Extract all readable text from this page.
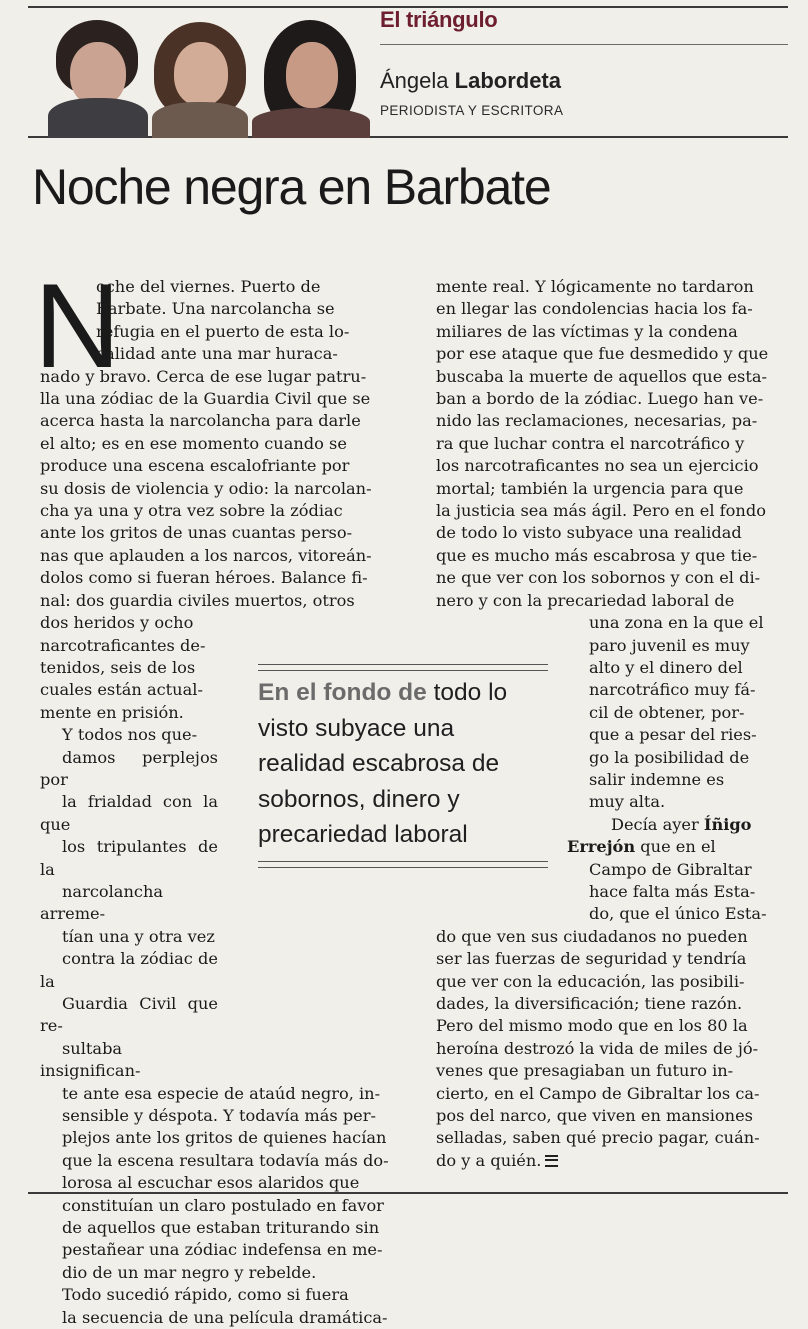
El triángulo
Ángela Labordeta
PERIODISTA Y ESCRITORA
Noche negra en Barbate
N

oche del viernes. Puerto de
Barbate. Una narcolancha se
refugia en el puerto de esta lo-
calidad ante una mar huraca-
nado y bravo. Cerca de ese lugar patru-
lla una zódiac de la Guardia Civil que se
acerca hasta la narcolancha para darle
el alto; es en ese momento cuando se
produce una escena escalofriante por
su dosis de violencia y odio: la narcolan-
cha ya una y otra vez sobre la zódiac
ante los gritos de unas cuantas perso-
nas que aplauden a los narcos, vitoreán-
dolos como si fueran héroes. Balance fi-
nal: dos guardia civiles muertos, otros
dos heridos y ocho
narcotraficantes de-
tenidos, seis de los
cuales están actual-
mente en prisión.

Y todos nos que-
damos perplejos por
la frialdad con la que
los tripulantes de la
narcolancha arreme-
tían una y otra vez
contra la zódiac de la
Guardia Civil que re-
sultaba insignifican-
te ante esa especie de ataúd negro, in-
sensible y déspota. Y todavía más per-
plejos ante los gritos de quienes hacían
que la escena resultara todavía más do-
lorosa al escuchar esos alaridos que
constituían un claro postulado en favor
de aquellos que estaban triturando sin
pestañear una zódiac indefensa en me-
dio de un mar negro y rebelde.

Todo sucedió rápido, como si fuera
la secuencia de una película dramática-

mente real. Y lógicamente no tardaron
en llegar las condolencias hacia los fa-
miliares de las víctimas y la condena
por ese ataque que fue desmedido y que
buscaba la muerte de aquellos que esta-
ban a bordo de la zódiac. Luego han ve-
nido las reclamaciones, necesarias, pa-
ra que luchar contra el narcotráfico y
los narcotraficantes no sea un ejercicio
mortal; también la urgencia para que
la justicia sea más ágil. Pero en el fondo
de todo lo visto subyace una realidad
que es mucho más escabrosa y que tie-
ne que ver con los sobornos y con el di-
nero y con la precariedad laboral de
una zona en la que el
paro juvenil es muy
alto y el dinero del
narcotráfico muy fá-
cil de obtener, por-
que a pesar del ries-
go la posibilidad de
salir indemne es
muy alta.

Decía ayer Íñigo
Errejón que en el

Campo de Gibraltar
hace falta más Esta-
do, que el único Esta-
do que ven sus ciudadanos no pueden
ser las fuerzas de seguridad y tendría
que ver con la educación, las posibili-
dades, la diversificación; tiene razón.
Pero del mismo modo que en los 80 la
heroína destrozó la vida de miles de jó-
venes que presagiaban un futuro in-
cierto, en el Campo de Gibraltar los ca-
pos del narco, que viven en mansiones
selladas, saben qué precio pagar, cuán-
do y a quién.

En el fondo de todo lo visto subyace una realidad escabrosa de sobornos, dinero y precariedad laboral
